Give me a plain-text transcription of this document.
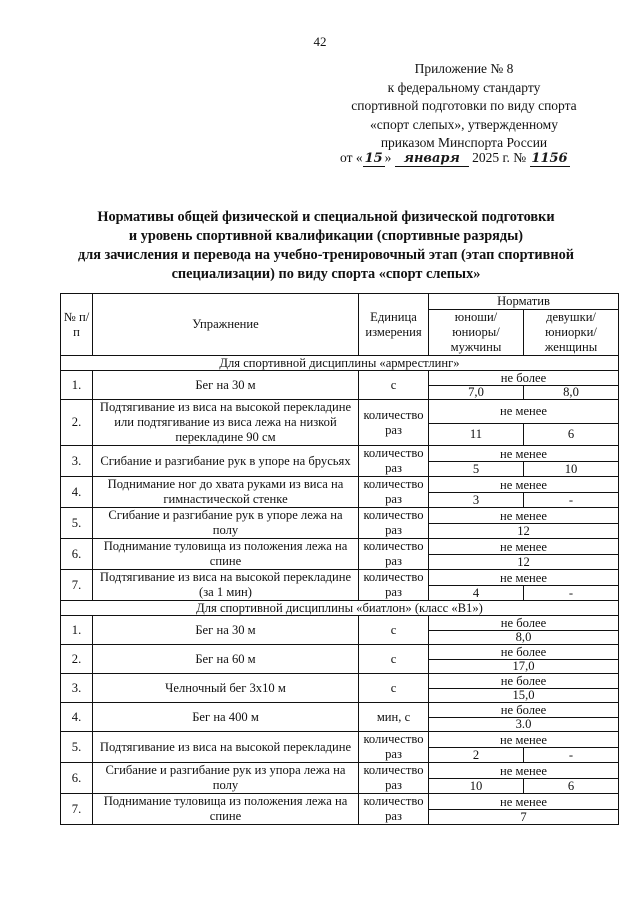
42
Приложение № 8
к федеральному стандарту
спортивной подготовки по виду спорта
«спорт слепых», утвержденному
приказом Минспорта России
от « 15 » января 2025 г. № 1156
Нормативы общей физической и специальной физической подготовки
и уровень спортивной квалификации (спортивные разряды)
для зачисления и перевода на учебно-тренировочный этап (этап спортивной
специализации) по виду спорта «спорт слепых»
№ п/п	Упражнение	Единица измерения	Норматив	
			юноши/ юниоры/ мужчины	девушки/ юниорки/ женщины
Для спортивной дисциплины «армрестлинг»				
1.	Бег на 30 м	с	не более	
			7,0	8,0
2.	Подтягивание из виса на высокой перекладине или подтягивание из виса лежа на низкой перекладине 90 см	количество раз	не менее	
			11	6
3.	Сгибание и разгибание рук в упоре на брусьях	количество раз	не менее	
			5	10
4.	Поднимание ног до хвата руками из виса на гимнастической стенке	количество раз	не менее	
			3	-
5.	Сгибание и разгибание рук в упоре лежа на полу	количество раз	не менее	
			12	
6.	Поднимание туловища из положения лежа на спине	количество раз	не менее	
			12	
7.	Подтягивание из виса на высокой перекладине (за 1 мин)	количество раз	не менее	
			4	-
Для спортивной дисциплины «биатлон» (класс «B1»)				
1.	Бег на 30 м	с	не более	
			8,0	
2.	Бег на 60 м	с	не более	
			17,0	
3.	Челночный бег 3х10 м	с	не более	
			15,0	
4.	Бег на 400 м	мин, с	не более	
			3.0	
5.	Подтягивание из виса на высокой перекладине	количество раз	не менее	
			2	-
6.	Сгибание и разгибание рук из упора лежа на полу	количество раз	не менее	
			10	6
7.	Поднимание туловища из положения лежа на спине	количество раз	не менее	
			7	
